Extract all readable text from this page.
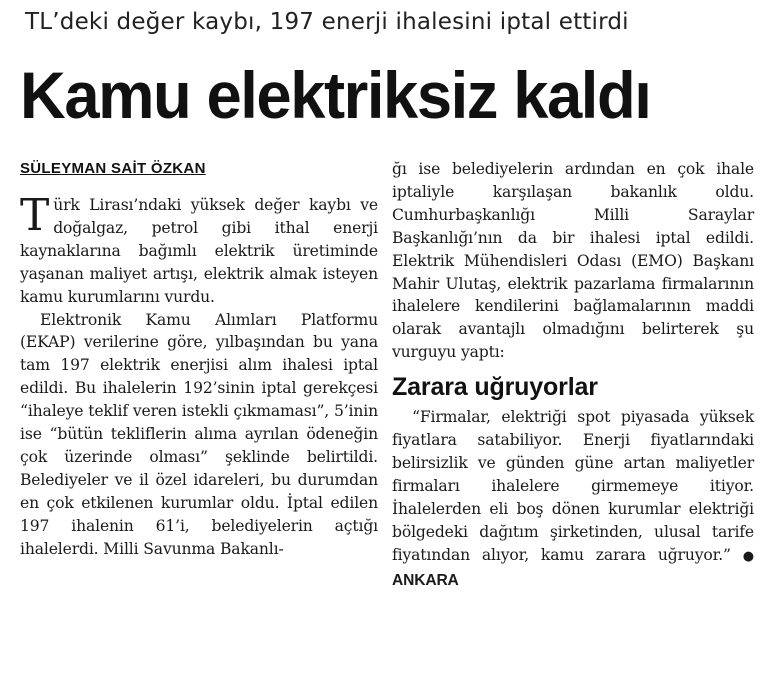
TL’deki değer kaybı, 197 enerji ihalesini iptal ettirdi
Kamu elektriksiz kaldı
SÜLEYMAN SAİT ÖZKAN

Türk Lirası’ndaki yüksek değer kaybı ve doğalgaz, petrol gibi ithal enerji kaynaklarına bağımlı elektrik üretiminde yaşanan maliyet artışı, elektrik almak isteyen kamu kurumlarını vurdu.

Elektronik Kamu Alımları Platformu (EKAP) verilerine göre, yılbaşından bu yana tam 197 elektrik enerjisi alım ihalesi iptal edildi. Bu ihalelerin 192’sinin iptal gerekçesi “ihaleye teklif veren istekli çıkmaması”, 5’inin ise “bütün tekliflerin alıma ayrılan ödeneğin çok üzerinde olması” şeklinde belirtildi. Belediyeler ve il özel idareleri, bu durumdan en çok etkilenen kurumlar oldu. İptal edilen 197 ihalenin 61’i, belediyelerin açtığı ihalelerdi. Milli Savunma Bakanlı-

ğı ise belediyelerin ardından en çok ihale iptaliyle karşılaşan bakanlık oldu. Cumhurbaşkanlığı Milli Saraylar Başkanlığı’nın da bir ihalesi iptal edildi. Elektrik Mühendisleri Odası (EMO) Başkanı Mahir Ulutaş, elektrik pazarlama firmalarının ihalelere kendilerini bağlamalarının maddi olarak avantajlı olmadığını belirterek şu vurguyu yaptı:

Zarara uğruyorlar

“Firmalar, elektriği spot piyasada yüksek fiyatlara satabiliyor. Enerji fiyatlarındaki belirsizlik ve günden güne artan maliyetler firmaları ihalelere girmemeye itiyor. İhalelerden eli boş dönen kurumlar elektriği bölgedeki dağıtım şirketinden, ulusal tarife fiyatından alıyor, kamu zarara uğruyor.” ● ANKARA
